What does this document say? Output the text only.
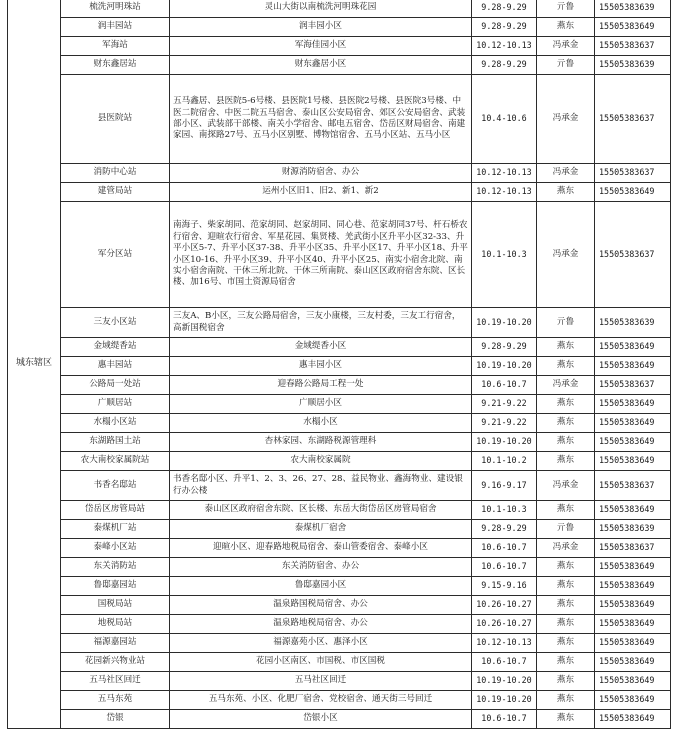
城东辖区	梳洗河明珠站	灵山大街以南梳洗河明珠花园	9.28-9.29	亓鲁	15505383639
	润丰园站	润丰园小区	9.28-9.29	燕东	15505383649
	军海站	军海佳园小区	10.12-10.13	冯承金	15505383637
	财东鑫居站	财东鑫居小区	9.28-9.29	亓鲁	15505383639
	县医院站	五马鑫居、县医院5-6号楼、县医院1号楼、县医院2号楼、县医院3号楼、中医二院宿舍、中医二院五马宿舍、泰山区公安局宿舍、郊区公安局宿舍、武装部小区、武装部干部楼、南关小学宿舍、邮电五宿舍、岱岳区财局宿舍、南建家园、南探路27号、五马小区别墅、博物馆宿舍、五马小区站、五马小区	10.4-10.6	冯承金	15505383637
	消防中心站	财源消防宿舍、办公	10.12-10.13	冯承金	15505383637
	建管局站	运州小区旧1、旧2、新1、新2	10.12-10.13	燕东	15505383649
	军分区站	南海子、柴家胡同、范家胡同、赵家胡同、同心巷、范家胡同37号、杆石桥农行宿舍、迎暄农行宿舍、军星花园、集贤楼、羌武街小区升平小区32-33、升平小区5-7、升平小区37-38、升平小区35、升平小区17、升平小区18、升平小区10-16、升平小区39、升平小区40、升平小区25、南实小宿舍北院、南实小宿舍南院、干休三所北院、干休三所南院、泰山区区政府宿舍东院、区长楼、加16号、市国土资源局宿舍	10.1-10.3	冯承金	15505383637
	三友小区站	三友A、B小区，三友公路局宿舍，三友小康楼，三友村委，三友工行宿舍，高新国税宿舍	10.19-10.20	亓鲁	15505383639
	金域缇香站	金域缇香小区	9.28-9.29	燕东	15505383649
	惠丰园站	惠丰园小区	10.19-10.20	燕东	15505383649
	公路局一处站	迎春路公路局工程一处	10.6-10.7	冯承金	15505383637
	广顺居站	广顺居小区	9.21-9.22	燕东	15505383649
	水榻小区站	水榻小区	9.21-9.22	燕东	15505383649
	东湖路国土站	杏林家园、东湖路税源管理科	10.19-10.20	燕东	15505383649
	农大南校家属院站	农大南校家属院	10.1-10.2	燕东	15505383649
	书香名邸站	书香名邸小区、升平1、2、3、26、27、28、益民物业、鑫海物业、建设银行办公楼	9.16-9.17	冯承金	15505383637
	岱岳区房管局站	泰山区区政府宿舍东院、区长楼、东岳大街岱岳区房管局宿舍	10.1-10.3	燕东	15505383649
	泰煤机厂站	泰煤机厂宿舍	9.28-9.29	亓鲁	15505383639
	泰峰小区站	迎暄小区、迎春路地税局宿舍、泰山管委宿舍、泰峰小区	10.6-10.7	冯承金	15505383637
	东关消防站	东关消防宿舍、办公	10.6-10.7	燕东	15505383649
	鲁邸嘉园站	鲁邸嘉园小区	9.15-9.16	燕东	15505383649
	国税局站	温泉路国税局宿舍、办公	10.26-10.27	燕东	15505383649
	地税局站	温泉路地税局宿舍、办公	10.26-10.27	燕东	15505383649
	福源嘉园站	福源嘉苑小区、惠泽小区	10.12-10.13	燕东	15505383649
	花园新兴物业站	花园小区南区、市国税、市区国税	10.6-10.7	燕东	15505383649
	五马社区回迁	五马社区回迁	10.19-10.20	燕东	15505383649
	五马东苑	五马东苑、小区、化肥厂宿舍、党校宿舍、通天街三号回迁	10.19-10.20	燕东	15505383649
	岱银	岱银小区	10.6-10.7	燕东	15505383649
